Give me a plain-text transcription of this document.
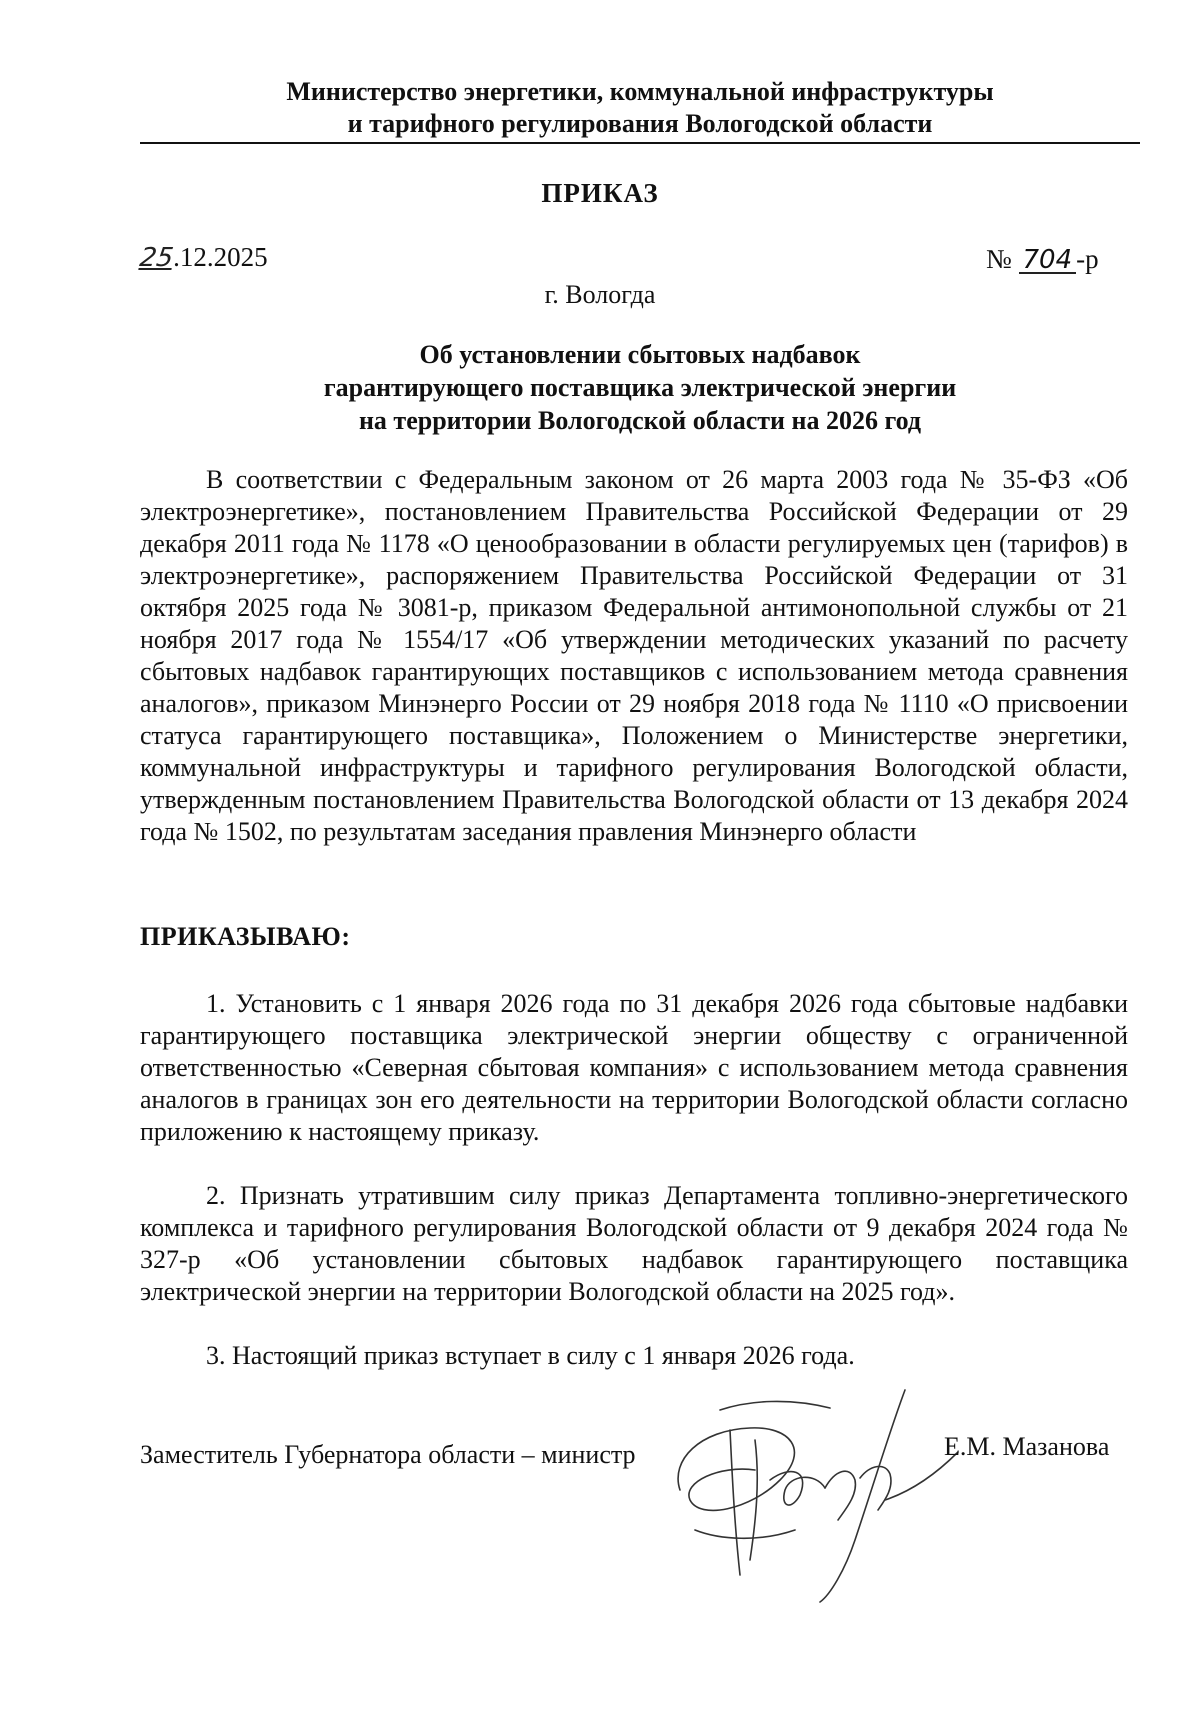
Министерство энергетики, коммунальной инфраструктуры
и тарифного регулирования Вологодской области
ПРИКАЗ
25.12.2025	№ 704 -р
г. Вологда
Об установлении сбытовых надбавок
гарантирующего поставщика электрической энергии
на территории Вологодской области на 2026 год

В соответствии с Федеральным законом от 26 марта 2003 года № 35-ФЗ «Об электроэнергетике», постановлением Правительства Российской Федерации от 29 декабря 2011 года № 1178 «О ценообразовании в области регулируемых цен (тарифов) в электроэнергетике», распоряжением Правительства Российской Федерации от 31 октября 2025 года № 3081-р, приказом Федеральной антимонопольной службы от 21 ноября 2017 года № 1554/17 «Об утверждении методических указаний по расчету сбытовых надбавок гарантирующих поставщиков с использованием метода сравнения аналогов», приказом Минэнерго России от 29 ноября 2018 года № 1110 «О присвоении статуса гарантирующего поставщика», Положением о Министерстве энергетики, коммунальной инфраструктуры и тарифного регулирования Вологодской области, утвержденным постановлением Правительства Вологодской области от 13 декабря 2024 года № 1502, по результатам заседания правления Минэнерго области

ПРИКАЗЫВАЮ:

1. Установить с 1 января 2026 года по 31 декабря 2026 года сбытовые надбавки гарантирующего поставщика электрической энергии обществу с ограниченной ответственностью «Северная сбытовая компания» с использованием метода сравнения аналогов в границах зон его деятельности на территории Вологодской области согласно приложению к настоящему приказу.

2. Признать утратившим силу приказ Департамента топливно-энергетического комплекса и тарифного регулирования Вологодской области от 9 декабря 2024 года № 327-р «Об установлении сбытовых надбавок гарантирующего поставщика электрической энергии на территории Вологодской области на 2025 год».

3. Настоящий приказ вступает в силу с 1 января 2026 года.

Заместитель Губернатора области – министр	Е.М. Мазанова
